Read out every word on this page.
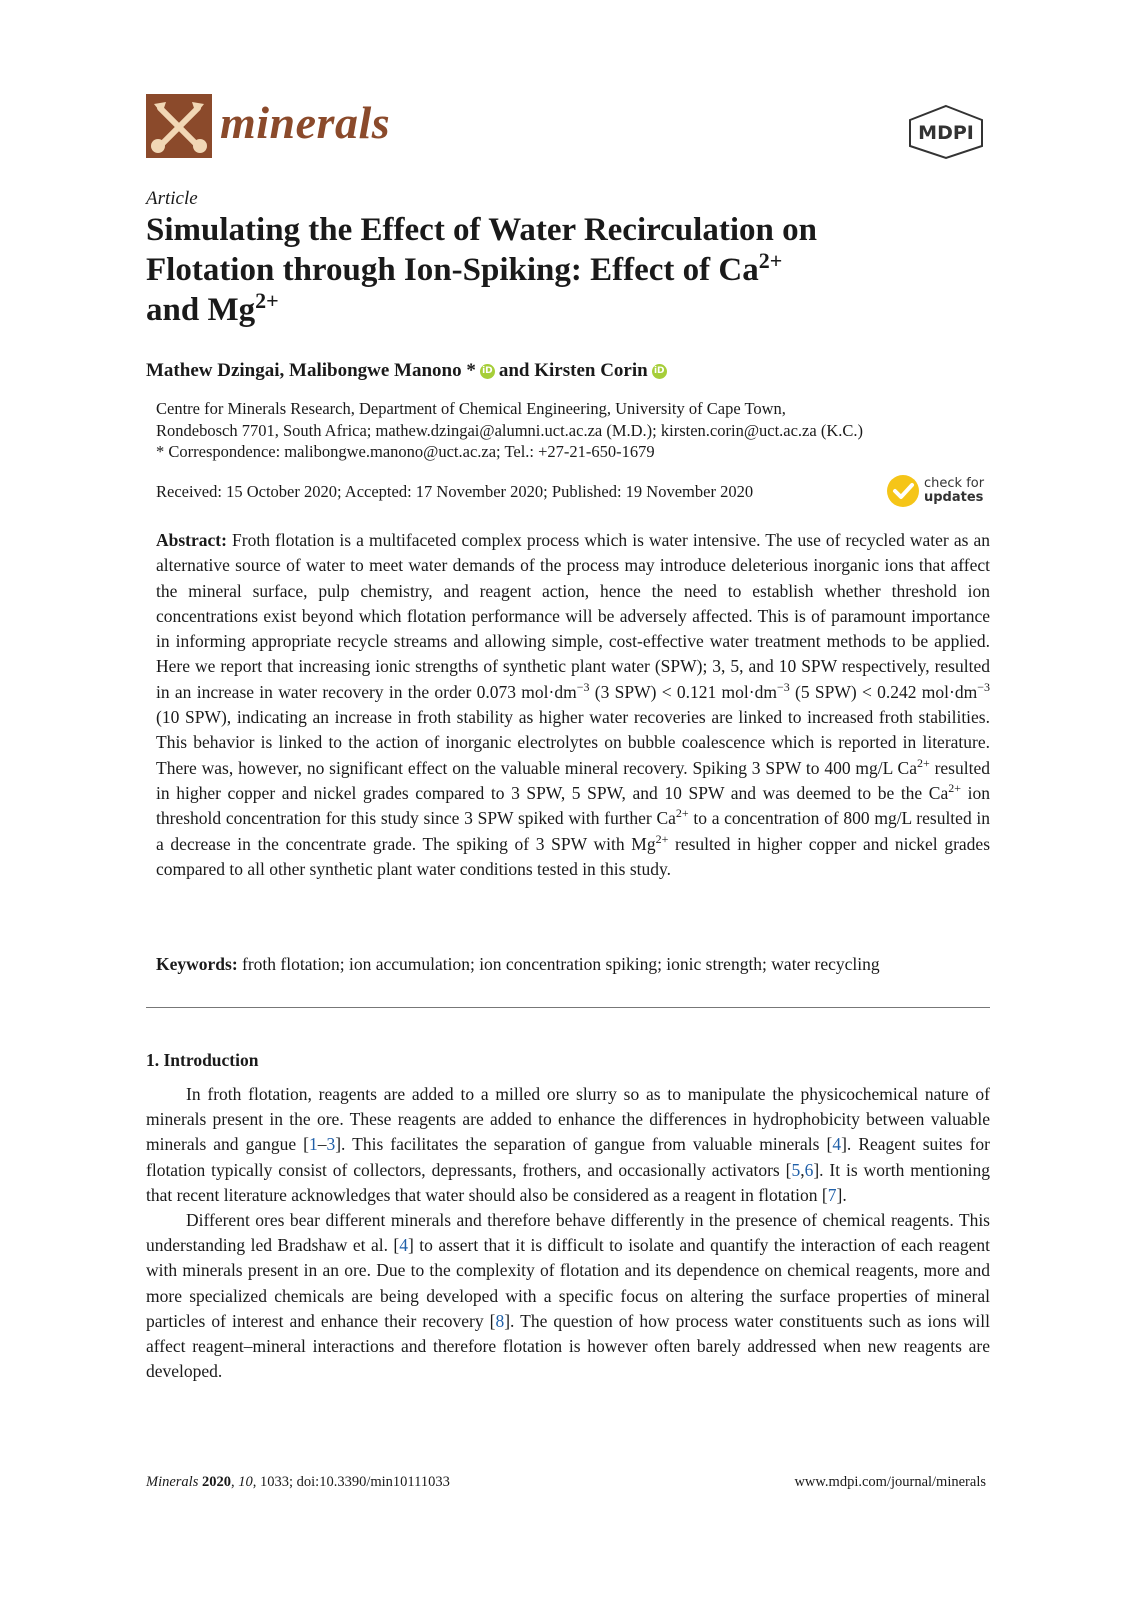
minerals	MDPI
Article
Simulating the Effect of Water Recirculation on
Flotation through Ion-Spiking: Effect of $Ca^{2+}$
and $Mg^{2+}$
Mathew Dzingai, Malibongwe Manono * iD and Kirsten Corin iD
Centre for Minerals Research, Department of Chemical Engineering, University of Cape Town,
Rondebosch 7701, South Africa; mathew.dzingai@alumni.uct.ac.za (M.D.); kirsten.corin@uct.ac.za (K.C.)
* Correspondence: malibongwe.manono@uct.ac.za; Tel.: +27-21-650-1679
Received: 15 October 2020; Accepted: 17 November 2020; Published: 19 November 2020	check for
updates
Abstract: Froth flotation is a multifaceted complex process which is water intensive. The use of recycled water as an alternative source of water to meet water demands of the process may introduce deleterious inorganic ions that affect the mineral surface, pulp chemistry, and reagent action, hence the need to establish whether threshold ion concentrations exist beyond which flotation performance will be adversely affected. This is of paramount importance in informing appropriate recycle streams and allowing simple, cost-effective water treatment methods to be applied. Here we report that increasing ionic strengths of synthetic plant water (SPW); 3, 5, and 10 SPW respectively, resulted in an increase in water recovery in the order 0.073 $mol\cdot dm^{-3}$ (3 SPW) < 0.121 $mol\cdot dm^{-3}$ (5 SPW) < 0.242 $mol\cdot dm^{-3}$ (10 SPW), indicating an increase in froth stability as higher water recoveries are linked to increased froth stabilities. This behavior is linked to the action of inorganic electrolytes on bubble coalescence which is reported in literature. There was, however, no significant effect on the valuable mineral recovery. Spiking 3 SPW to 400 mg/L $Ca^{2+}$ resulted in higher copper and nickel grades compared to 3 SPW, 5 SPW, and 10 SPW and was deemed to be the $Ca^{2+}$ ion threshold concentration for this study since 3 SPW spiked with further $Ca^{2+}$ to a concentration of 800 mg/L resulted in a decrease in the concentrate grade. The spiking of 3 SPW with $Mg^{2+}$ resulted in higher copper and nickel grades compared to all other synthetic plant water conditions tested in this study.
Keywords: froth flotation; ion accumulation; ion concentration spiking; ionic strength; water recycling
1. Introduction

In froth flotation, reagents are added to a milled ore slurry so as to manipulate the physicochemical nature of minerals present in the ore. These reagents are added to enhance the differences in hydrophobicity between valuable minerals and gangue [1–3]. This facilitates the separation of gangue from valuable minerals [4]. Reagent suites for flotation typically consist of collectors, depressants, frothers, and occasionally activators [5,6]. It is worth mentioning that recent literature acknowledges that water should also be considered as a reagent in flotation [7].

Different ores bear different minerals and therefore behave differently in the presence of chemical reagents. This understanding led Bradshaw et al. [4] to assert that it is difficult to isolate and quantify the interaction of each reagent with minerals present in an ore. Due to the complexity of flotation and its dependence on chemical reagents, more and more specialized chemicals are being developed with a specific focus on altering the surface properties of mineral particles of interest and enhance their recovery [8]. The question of how process water constituents such as ions will affect reagent–mineral interactions and therefore flotation is however often barely addressed when new reagents are developed.

Minerals 2020, 10, 1033; doi:10.3390/min10111033	www.mdpi.com/journal/minerals
